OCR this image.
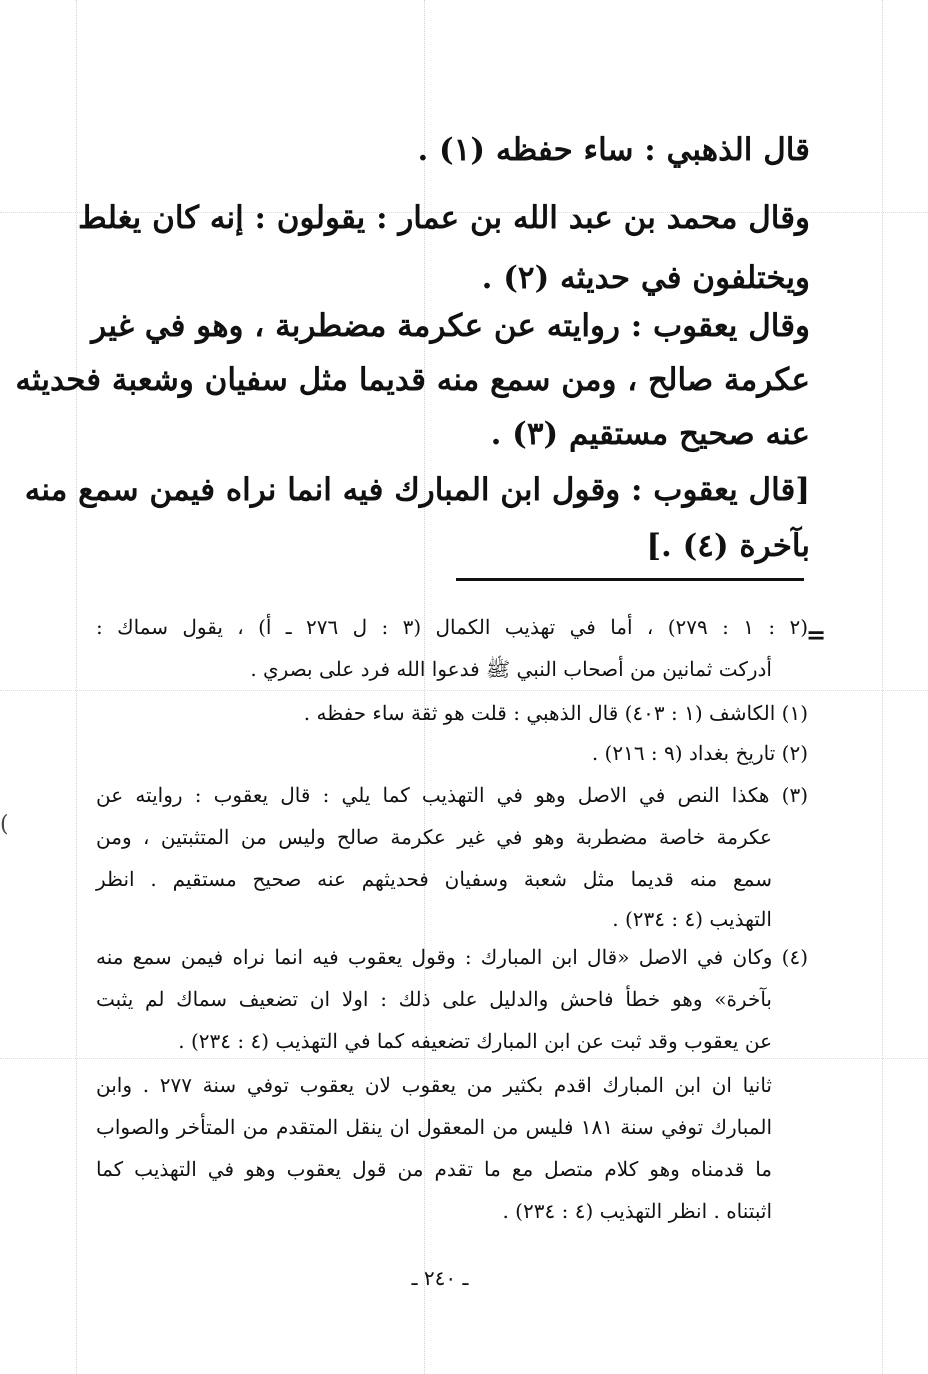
قال الذهبي : ساء حفظه (١) .
وقال محمد بن عبد الله بن عمار : يقولون : إنه كان يغلط
ويختلفون في حديثه (٢) .
وقال يعقوب : روايته عن عكرمة مضطربة ، وهو في غير
عكرمة صالح ، ومن سمع منه قديما مثل سفيان وشعبة فحديثه
عنه صحيح مستقيم (٣) .
[قال يعقوب : وقول ابن المبارك فيه انما نراه فيمن سمع منه
بآخرة (٤) .]
=
(
(٢ : ١ : ٢٧٩) ، أما في تهذيب الكمال (٣ : ل ٢٧٦ ـ أ) ، يقول سماك :
أدركت ثمانين من أصحاب النبي ﷺ فدعوا الله فرد على بصري .
(١) الكاشف (١ : ٤٠٣) قال الذهبي : قلت هو ثقة ساء حفظه .
(٢) تاريخ بغداد (٩ : ٢١٦) .
(٣) هكذا النص في الاصل وهو في التهذيب كما يلي : قال يعقوب : روايته عن
عكرمة خاصة مضطربة وهو في غير عكرمة صالح وليس من المتثبتين ، ومن
سمع منه قديما مثل شعبة وسفيان فحديثهم عنه صحيح مستقيم . انظر
التهذيب (٤ : ٢٣٤) .
(٤) وكان في الاصل «قال ابن المبارك : وقول يعقوب فيه انما نراه فيمن سمع منه
بآخرة» وهو خطأ فاحش والدليل على ذلك : اولا ان تضعيف سماك لم يثبت
عن يعقوب وقد ثبت عن ابن المبارك تضعيفه كما في التهذيب (٤ : ٢٣٤) .
ثانيا ان ابن المبارك اقدم بكثير من يعقوب لان يعقوب توفي سنة ٢٧٧ . وابن
المبارك توفي سنة ١٨١ فليس من المعقول ان ينقل المتقدم من المتأخر والصواب
ما قدمناه وهو كلام متصل مع ما تقدم من قول يعقوب وهو في التهذيب كما
اثبتناه . انظر التهذيب (٤ : ٢٣٤) .
ـ ٢٤٠ ـ
